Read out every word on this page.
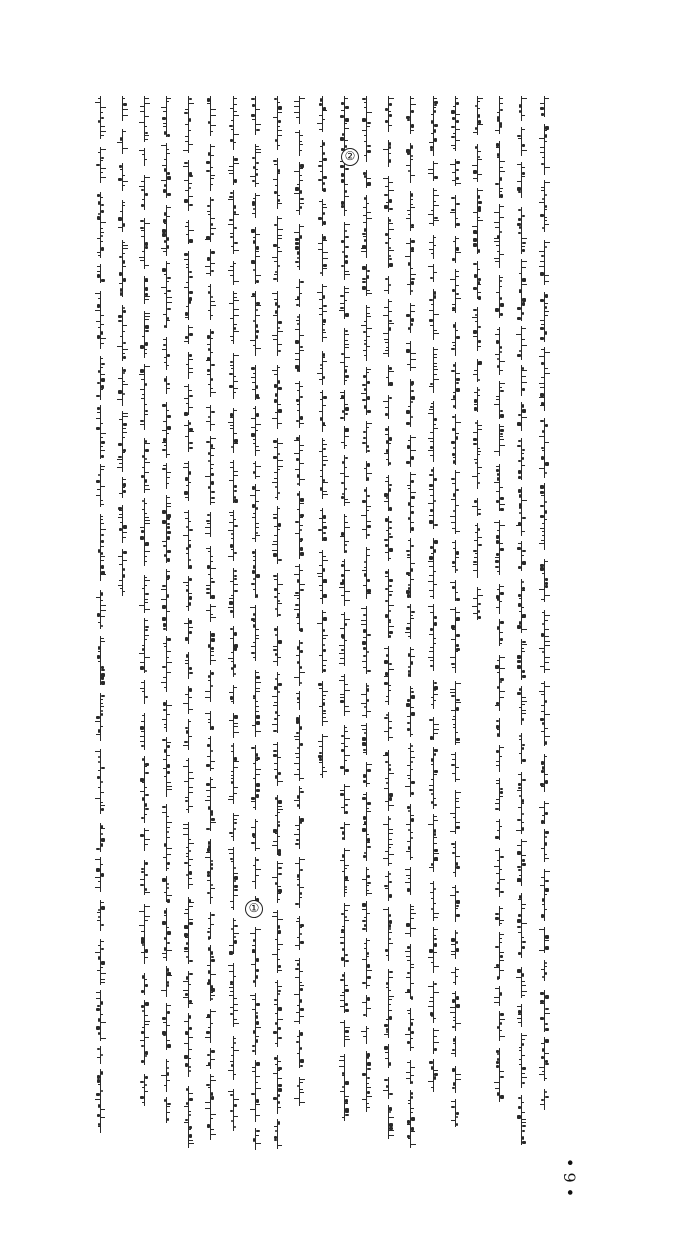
①
②
• 9 •
